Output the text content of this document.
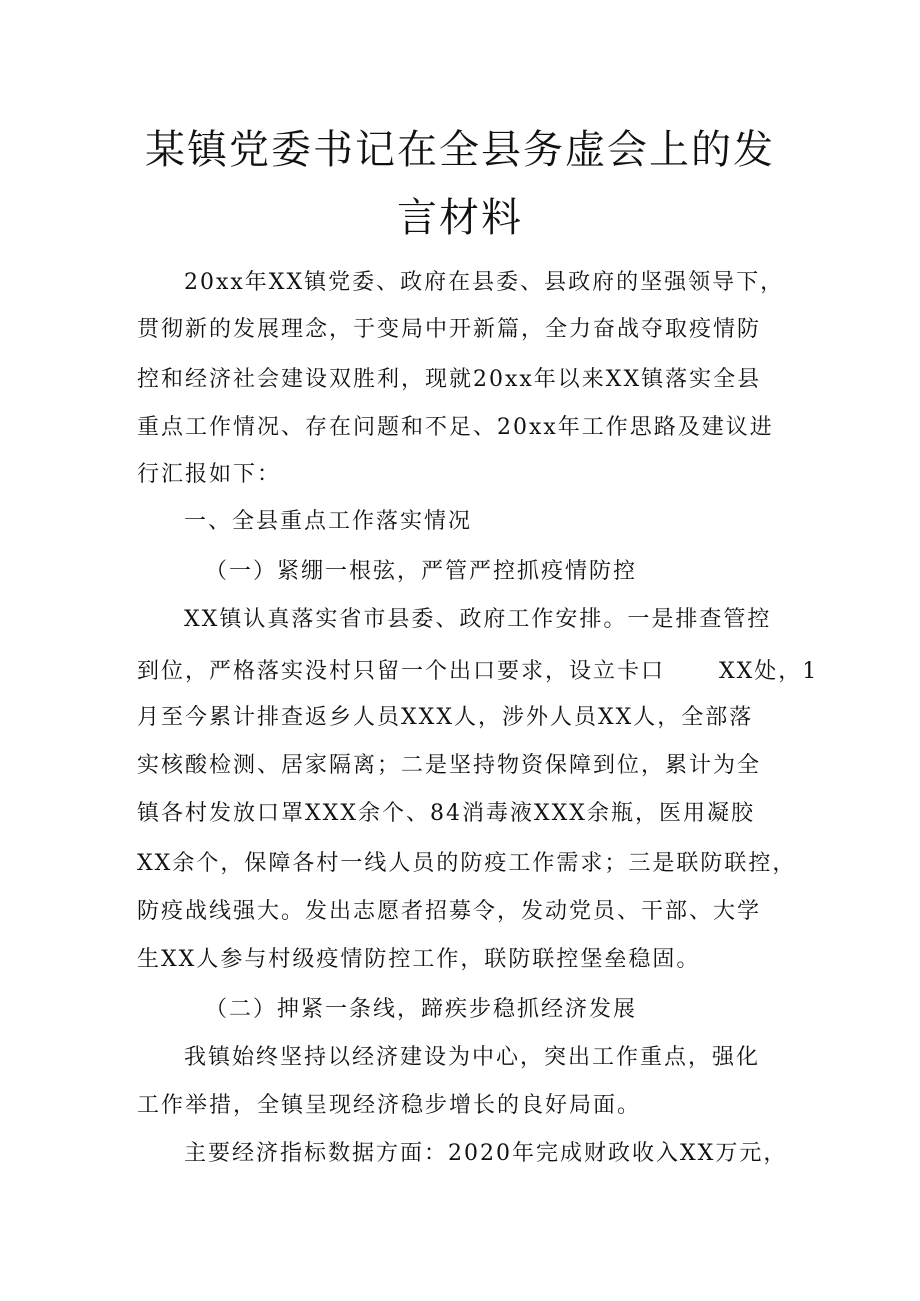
某镇党委书记在全县务虚会上的发
言材料
20xx年XX镇党委、政府在县委、县政府的坚强领导下，
贯彻新的发展理念，于变局中开新篇，全力奋战夺取疫情防
控和经济社会建设双胜利，现就20xx年以来XX镇落实全县
重点工作情况、存在问题和不足、20xx年工作思路及建议进
行汇报如下：
一、全县重点工作落实情况
（一）紧绷一根弦，严管严控抓疫情防控
XX镇认真落实省市县委、政府工作安排。一是排查管控
到位，严格落实没村只留一个出口要求，设立卡口      XX处，1
月至今累计排查返乡人员XXX人，涉外人员XX人，全部落
实核酸检测、居家隔离；二是坚持物资保障到位，累计为全
镇各村发放口罩XXX余个、84消毒液XXX余瓶，医用凝胶
XX余个，保障各村一线人员的防疫工作需求；三是联防联控，
防疫战线强大。发出志愿者招募令，发动党员、干部、大学
生XX人参与村级疫情防控工作，联防联控堡垒稳固。
（二）抻紧一条线，蹄疾步稳抓经济发展
我镇始终坚持以经济建设为中心，突出工作重点，强化
工作举措，全镇呈现经济稳步增长的良好局面。
主要经济指标数据方面：2020年完成财政收入XX万元，
